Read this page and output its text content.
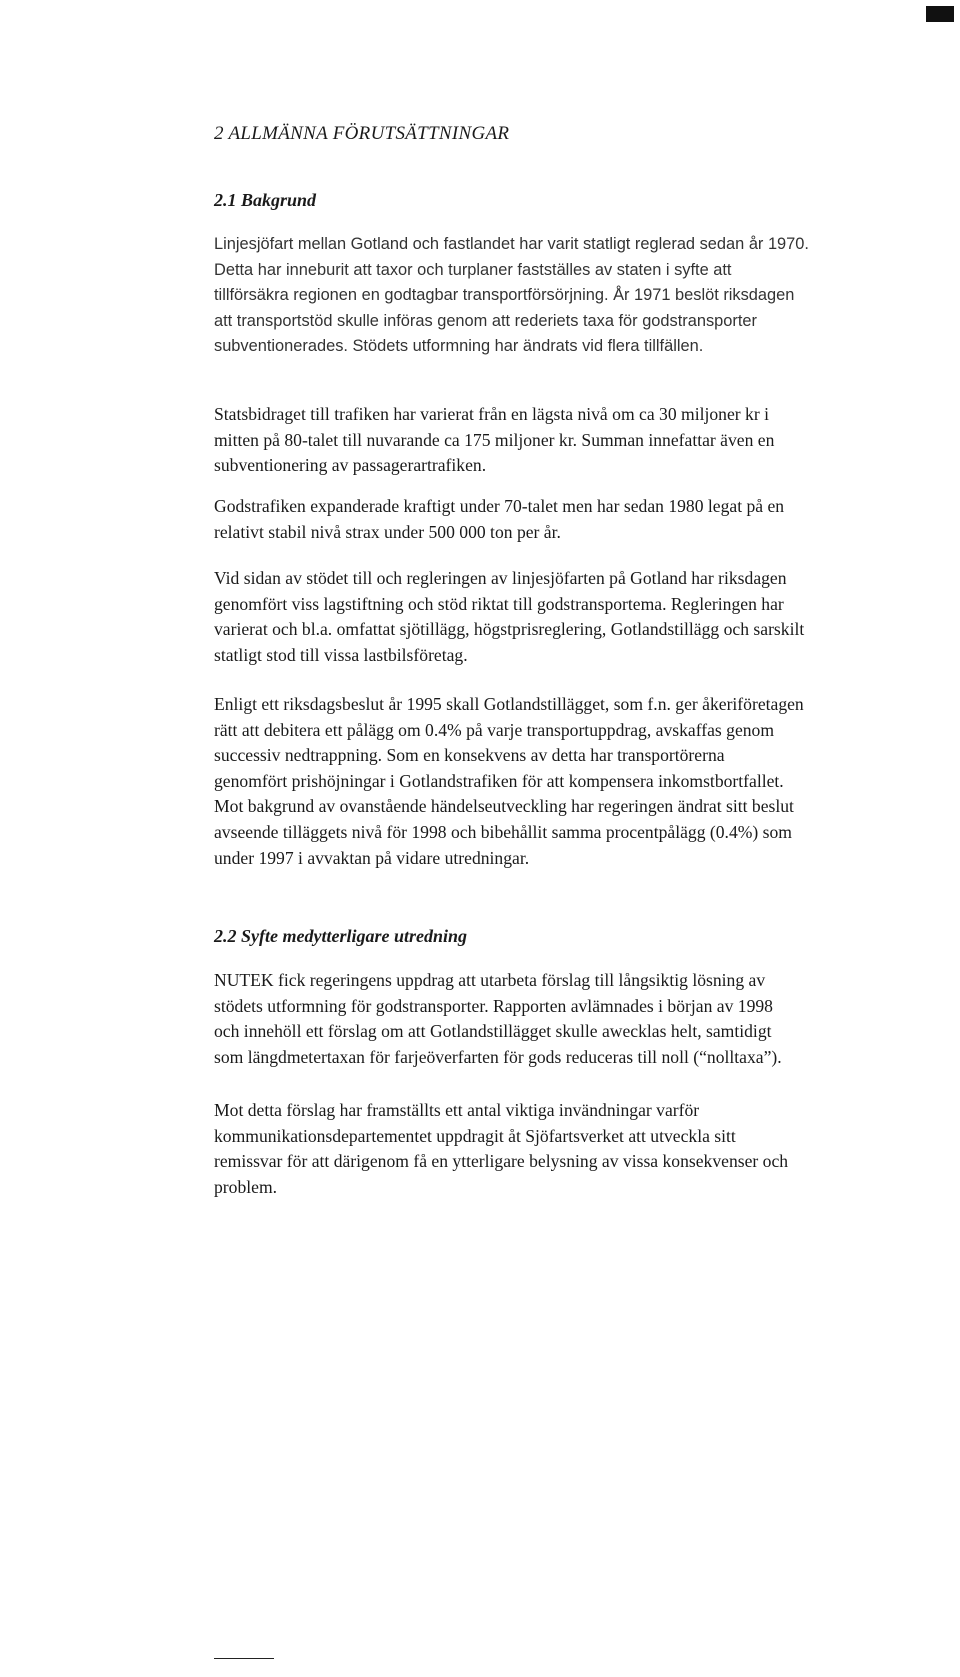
2 ALLMÄNNA FÖRUTSÄTTNINGAR
2.1 Bakgrund

Linjesjöfart mellan Gotland och fastlandet har varit statligt reglerad sedan år 1970.
Detta har inneburit att taxor och turplaner fastställes av staten i syfte att
tillförsäkra regionen en godtagbar transportförsörjning. År 1971 beslöt riksdagen
att transportstöd skulle införas genom att rederiets taxa för godstransporter
subventionerades. Stödets utformning har ändrats vid flera tillfällen.

Statsbidraget till trafiken har varierat från en lägsta nivå om ca 30 miljoner kr i
mitten på 80-talet till nuvarande ca 175 miljoner kr. Summan innefattar även en
subventionering av passagerartrafiken.

Godstrafiken expanderade kraftigt under 70-talet men har sedan 1980 legat på en
relativt stabil nivå strax under 500 000 ton per år.

Vid sidan av stödet till och regleringen av linjesjöfarten på Gotland har riksdagen
genomfört viss lagstiftning och stöd riktat till godstransportema. Regleringen har
varierat och bl.a. omfattat sjötillägg, högstprisreglering, Gotlandstillägg och sarskilt
statligt stod till vissa lastbilsföretag.

Enligt ett riksdagsbeslut år 1995 skall Gotlandstillägget, som f.n. ger åkeriföretagen
rätt att debitera ett pålägg om 0.4% på varje transportuppdrag, avskaffas genom
successiv nedtrappning. Som en konsekvens av detta har transportörerna
genomfört prishöjningar i Gotlandstrafiken för att kompensera inkomstbortfallet.
Mot bakgrund av ovanstående händelseutveckling har regeringen ändrat sitt beslut
avseende tilläggets nivå för 1998 och bibehållit samma procentpålägg (0.4%) som
under 1997 i avvaktan på vidare utredningar.

2.2 Syfte medytterligare utredning

NUTEK fick regeringens uppdrag att utarbeta förslag till långsiktig lösning av
stödets utformning för godstransporter. Rapporten avlämnades i början av 1998
och innehöll ett förslag om att Gotlandstillägget skulle awecklas helt, samtidigt
som längdmetertaxan för farjeöverfarten för gods reduceras till noll (“nolltaxa”).

Mot detta förslag har framställts ett antal viktiga invändningar varför
kommunikationsdepartementet uppdragit åt Sjöfartsverket att utveckla sitt
remissvar för att därigenom få en ytterligare belysning av vissa konsekvenser och
problem.
